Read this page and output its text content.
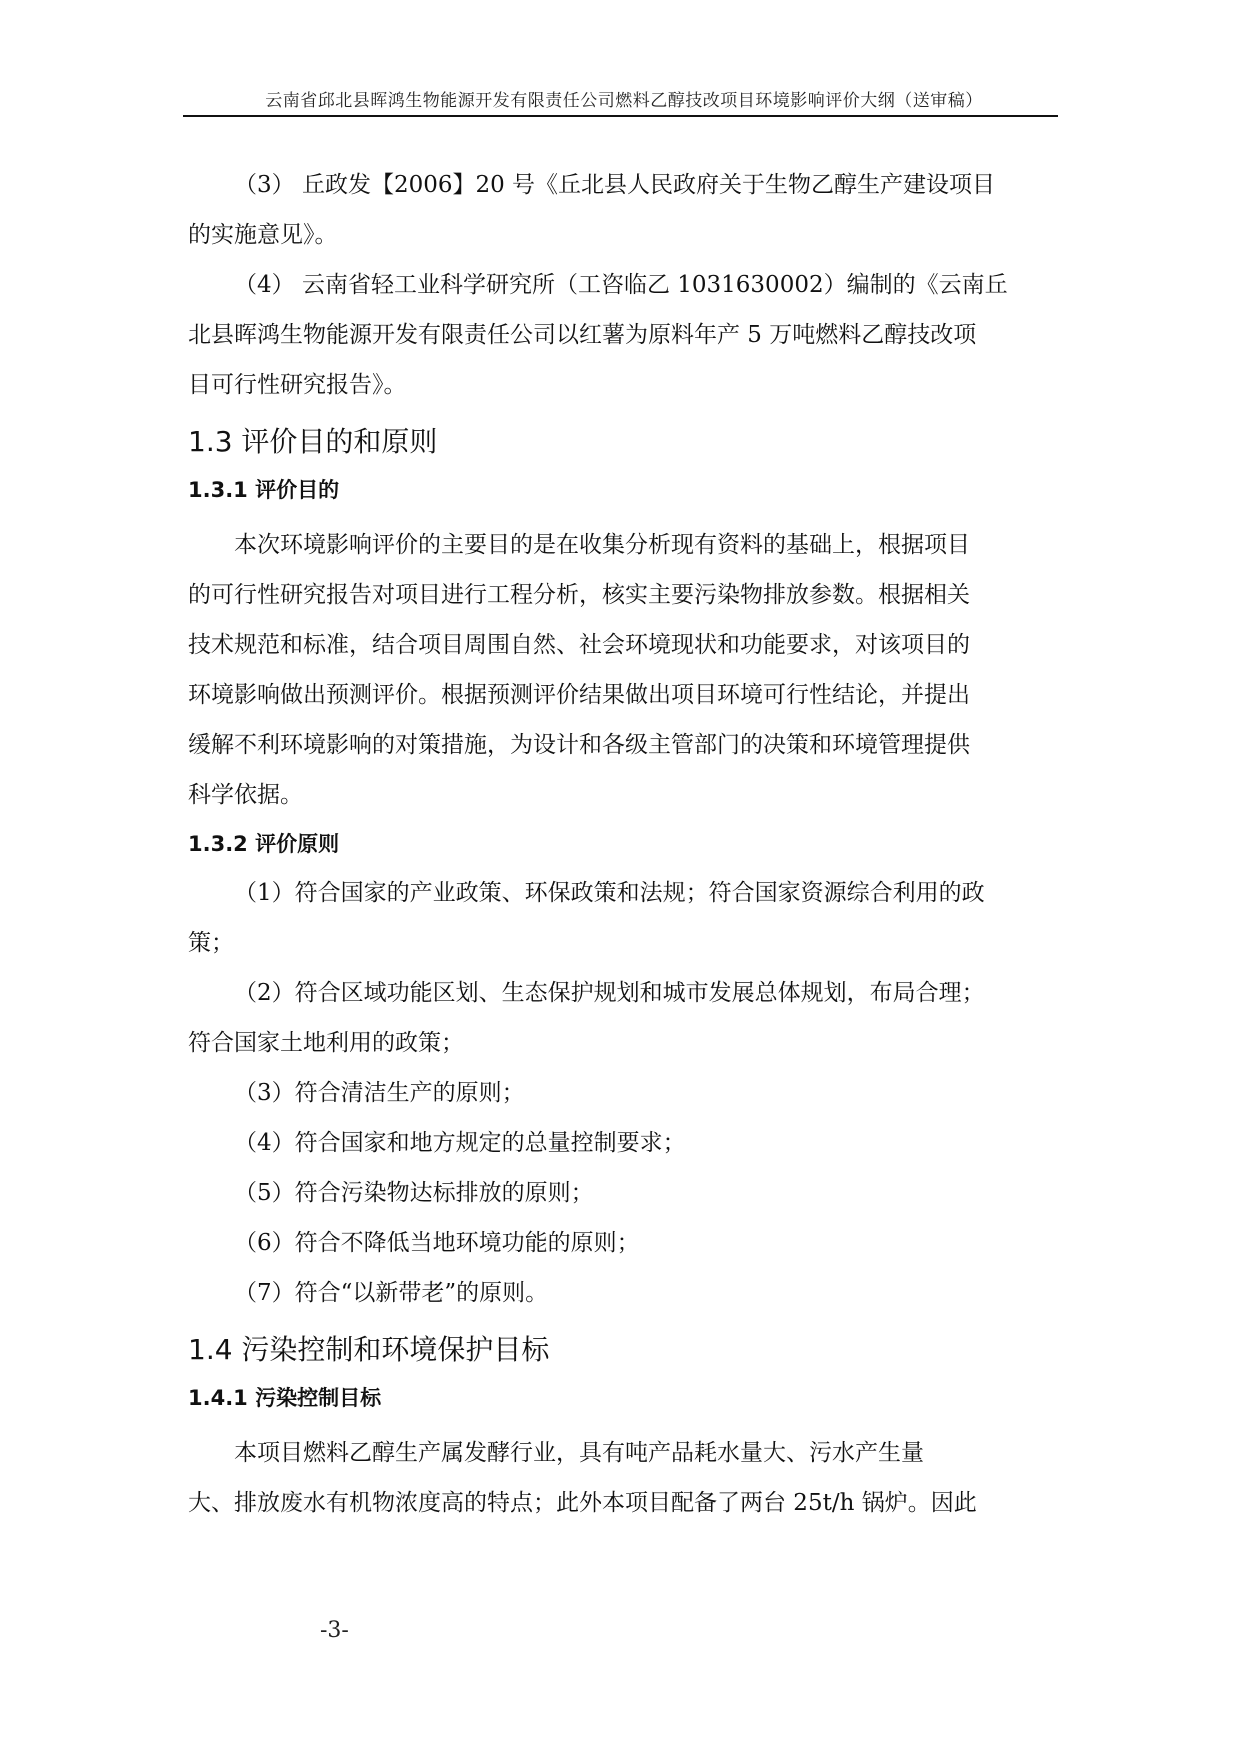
云南省邱北县晖鸿生物能源开发有限责任公司燃料乙醇技改项目环境影响评价大纲（送审稿）

（3） 丘政发【2006】20 号《丘北县人民政府关于生物乙醇生产建设项目

的实施意见》。

（4） 云南省轻工业科学研究所（工咨临乙 1031630002）编制的《云南丘

北县晖鸿生物能源开发有限责任公司以红薯为原料年产 5 万吨燃料乙醇技改项

目可行性研究报告》。

1.3 评价目的和原则
1.3.1 评价目的

本次环境影响评价的主要目的是在收集分析现有资料的基础上，根据项目

的可行性研究报告对项目进行工程分析，核实主要污染物排放参数。根据相关

技术规范和标准，结合项目周围自然、社会环境现状和功能要求，对该项目的

环境影响做出预测评价。根据预测评价结果做出项目环境可行性结论，并提出

缓解不利环境影响的对策措施，为设计和各级主管部门的决策和环境管理提供

科学依据。

1.3.2 评价原则

（1）符合国家的产业政策、环保政策和法规；符合国家资源综合利用的政

策；

（2）符合区域功能区划、生态保护规划和城市发展总体规划，布局合理；

符合国家土地利用的政策；

（3）符合清洁生产的原则；

（4）符合国家和地方规定的总量控制要求；

（5）符合污染物达标排放的原则；

（6）符合不降低当地环境功能的原则；

（7）符合“以新带老”的原则。

1.4 污染控制和环境保护目标
1.4.1 污染控制目标

本项目燃料乙醇生产属发酵行业，具有吨产品耗水量大、污水产生量

大、排放废水有机物浓度高的特点；此外本项目配备了两台 25t/h 锅炉。因此

-3-
